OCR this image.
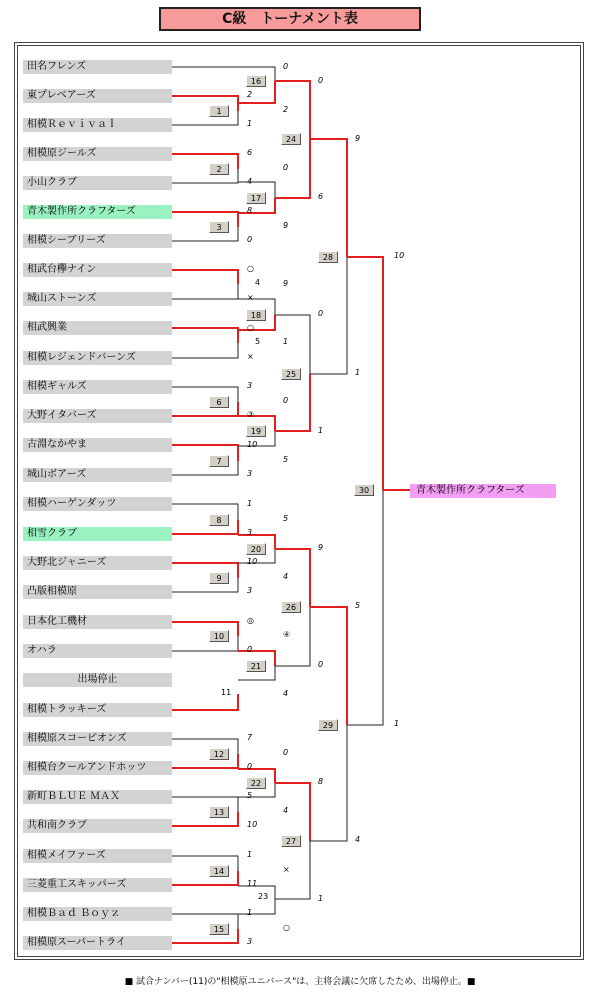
C級　トーナメント表
田名フレンズ
東プレベアーズ
相模Ｒｅｖｉｖａｌ
相模原ジールズ
小山クラブ
青木製作所クラフターズ
相模シーブリーズ
相武台欅ナイン
城山ストーンズ
相武興業
相模レジェンドバーンズ
相模ギャルズ
大野イタバーズ
古淵なかやま
城山ボアーズ
相模ハーゲンダッツ
相雪クラブ
大野北ジャニーズ
凸版相模原
日本化工機材
オハラ
出場停止
相模トラッキーズ
相模原スコーピオンズ
相模台クールアンドホッツ
新町ＢＬＵＥ ＭＡＸ
共和南クラブ
相模メイファーズ
三菱重工スキッパーズ
相模Ｂａｄ Ｂｏｙｚ
相模原スーパートライ
16
1
24
2
17
3
28
18
25
6
19
7
30
8
20
9
26
10
21
29
12
22
13
27
14
15
4
5
11
23
0
0
2
2
1
9
6
0
4
6
8
9
0
10
○
9
×
0
○
1
×
1
3
0
③
1
10
5
3
1
5
3
9
10
4
3
5
◎
④
0
0
4
1
7
0
0
8
5
4
10
4
1
×
11
1
1
○
3
青木製作所クラフターズ
■ 試合ナンバー(11)の"相模原ユニバース"は、主将会議に欠席したため、出場停止。■
